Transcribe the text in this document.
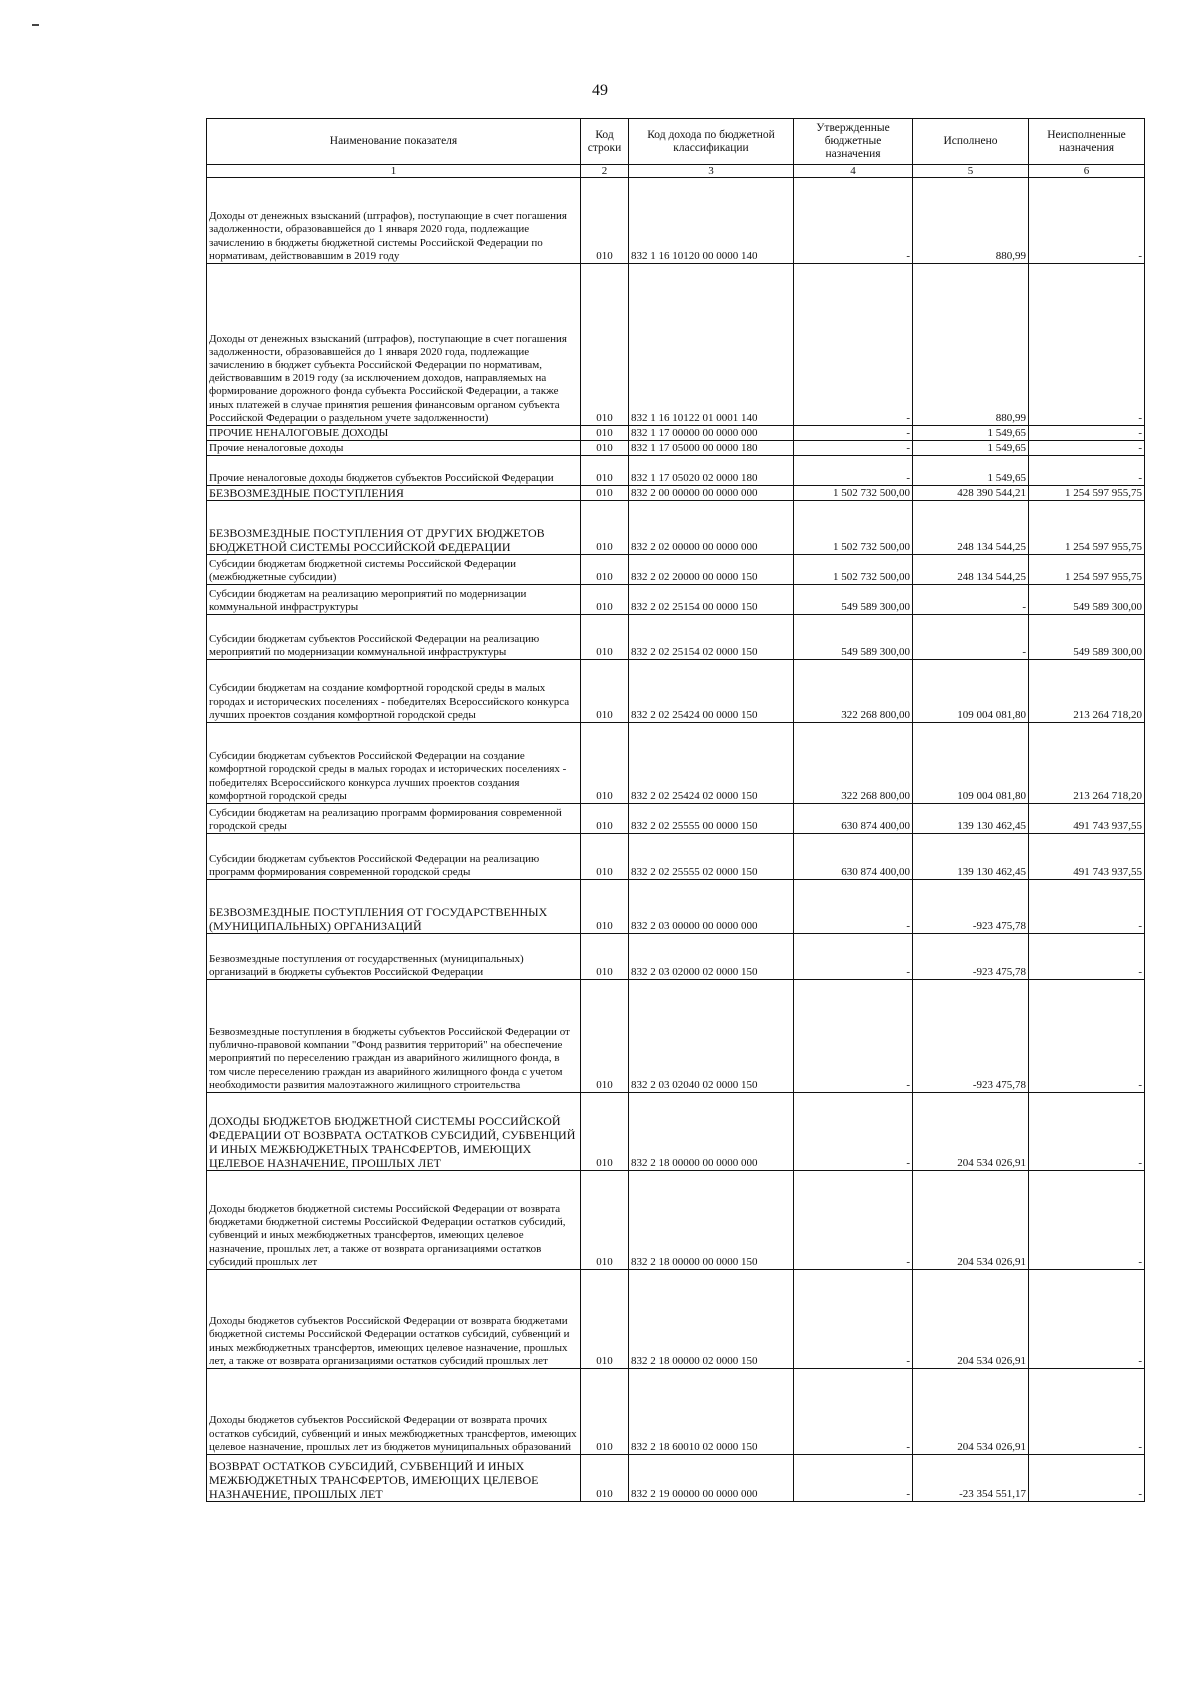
49
Наименование показателя	Код строки	Код дохода по бюджетной классификации	Утвержденные бюджетные назначения	Исполнено	Неисполненные назначения
1	2	3	4	5	6
Доходы от денежных взысканий (штрафов), поступающие в счет погашения задолженности, образовавшейся до 1 января 2020 года, подлежащие зачислению в бюджеты бюджетной системы Российской Федерации по нормативам, действовавшим в 2019 году	010	832 1 16 10120 00 0000 140	-	880,99	-
Доходы от денежных взысканий (штрафов), поступающие в счет погашения задолженности, образовавшейся до 1 января 2020 года, подлежащие зачислению в бюджет субъекта Российской Федерации по нормативам, действовавшим в 2019 году (за исключением доходов, направляемых на формирование дорожного фонда субъекта Российской Федерации, а также иных платежей в случае принятия решения финансовым органом субъекта Российской Федерации о раздельном учете задолженности)	010	832 1 16 10122 01 0001 140	-	880,99	-
ПРОЧИЕ НЕНАЛОГОВЫЕ ДОХОДЫ	010	832 1 17 00000 00 0000 000	-	1 549,65	-
Прочие неналоговые доходы	010	832 1 17 05000 00 0000 180	-	1 549,65	-
Прочие неналоговые доходы бюджетов субъектов Российской Федерации	010	832 1 17 05020 02 0000 180	-	1 549,65	-
БЕЗВОЗМЕЗДНЫЕ ПОСТУПЛЕНИЯ	010	832 2 00 00000 00 0000 000	1 502 732 500,00	428 390 544,21	1 254 597 955,75
БЕЗВОЗМЕЗДНЫЕ ПОСТУПЛЕНИЯ ОТ ДРУГИХ БЮДЖЕТОВ БЮДЖЕТНОЙ СИСТЕМЫ РОССИЙСКОЙ ФЕДЕРАЦИИ	010	832 2 02 00000 00 0000 000	1 502 732 500,00	248 134 544,25	1 254 597 955,75
Субсидии бюджетам бюджетной системы Российской Федерации (межбюджетные субсидии)	010	832 2 02 20000 00 0000 150	1 502 732 500,00	248 134 544,25	1 254 597 955,75
Субсидии бюджетам на реализацию мероприятий по модернизации коммунальной инфраструктуры	010	832 2 02 25154 00 0000 150	549 589 300,00	-	549 589 300,00
Субсидии бюджетам субъектов Российской Федерации на реализацию мероприятий по модернизации коммунальной инфраструктуры	010	832 2 02 25154 02 0000 150	549 589 300,00	-	549 589 300,00
Субсидии бюджетам на создание комфортной городской среды в малых городах и исторических поселениях - победителях Всероссийского конкурса лучших проектов создания комфортной городской среды	010	832 2 02 25424 00 0000 150	322 268 800,00	109 004 081,80	213 264 718,20
Субсидии бюджетам субъектов Российской Федерации на создание комфортной городской среды в малых городах и исторических поселениях - победителях Всероссийского конкурса лучших проектов создания комфортной городской среды	010	832 2 02 25424 02 0000 150	322 268 800,00	109 004 081,80	213 264 718,20
Субсидии бюджетам на реализацию программ формирования современной городской среды	010	832 2 02 25555 00 0000 150	630 874 400,00	139 130 462,45	491 743 937,55
Субсидии бюджетам субъектов Российской Федерации на реализацию программ формирования современной городской среды	010	832 2 02 25555 02 0000 150	630 874 400,00	139 130 462,45	491 743 937,55
БЕЗВОЗМЕЗДНЫЕ ПОСТУПЛЕНИЯ ОТ ГОСУДАРСТВЕННЫХ (МУНИЦИПАЛЬНЫХ) ОРГАНИЗАЦИЙ	010	832 2 03 00000 00 0000 000	-	-923 475,78	-
Безвозмездные поступления от государственных (муниципальных) организаций в бюджеты субъектов Российской Федерации	010	832 2 03 02000 02 0000 150	-	-923 475,78	-
Безвозмездные поступления в бюджеты субъектов Российской Федерации от публично-правовой компании "Фонд развития территорий" на обеспечение мероприятий по переселению граждан из аварийного жилищного фонда, в том числе переселению граждан из аварийного жилищного фонда с учетом необходимости развития малоэтажного жилищного строительства	010	832 2 03 02040 02 0000 150	-	-923 475,78	-
ДОХОДЫ БЮДЖЕТОВ БЮДЖЕТНОЙ СИСТЕМЫ РОССИЙСКОЙ ФЕДЕРАЦИИ ОТ ВОЗВРАТА ОСТАТКОВ СУБСИДИЙ, СУБВЕНЦИЙ И ИНЫХ МЕЖБЮДЖЕТНЫХ ТРАНСФЕРТОВ, ИМЕЮЩИХ ЦЕЛЕВОЕ НАЗНАЧЕНИЕ, ПРОШЛЫХ ЛЕТ	010	832 2 18 00000 00 0000 000	-	204 534 026,91	-
Доходы бюджетов бюджетной системы Российской Федерации от возврата бюджетами бюджетной системы Российской Федерации остатков субсидий, субвенций и иных межбюджетных трансфертов, имеющих целевое назначение, прошлых лет, а также от возврата организациями остатков субсидий прошлых лет	010	832 2 18 00000 00 0000 150	-	204 534 026,91	-
Доходы бюджетов субъектов Российской Федерации от возврата бюджетами бюджетной системы Российской Федерации остатков субсидий, субвенций и иных межбюджетных трансфертов, имеющих целевое назначение, прошлых лет, а также от возврата организациями остатков субсидий прошлых лет	010	832 2 18 00000 02 0000 150	-	204 534 026,91	-
Доходы бюджетов субъектов Российской Федерации от возврата прочих остатков субсидий, субвенций и иных межбюджетных трансфертов, имеющих целевое назначение, прошлых лет из бюджетов муниципальных образований	010	832 2 18 60010 02 0000 150	-	204 534 026,91	-
ВОЗВРАТ ОСТАТКОВ СУБСИДИЙ, СУБВЕНЦИЙ И ИНЫХ МЕЖБЮДЖЕТНЫХ ТРАНСФЕРТОВ, ИМЕЮЩИХ ЦЕЛЕВОЕ НАЗНАЧЕНИЕ, ПРОШЛЫХ ЛЕТ	010	832 2 19 00000 00 0000 000	-	-23 354 551,17	-
